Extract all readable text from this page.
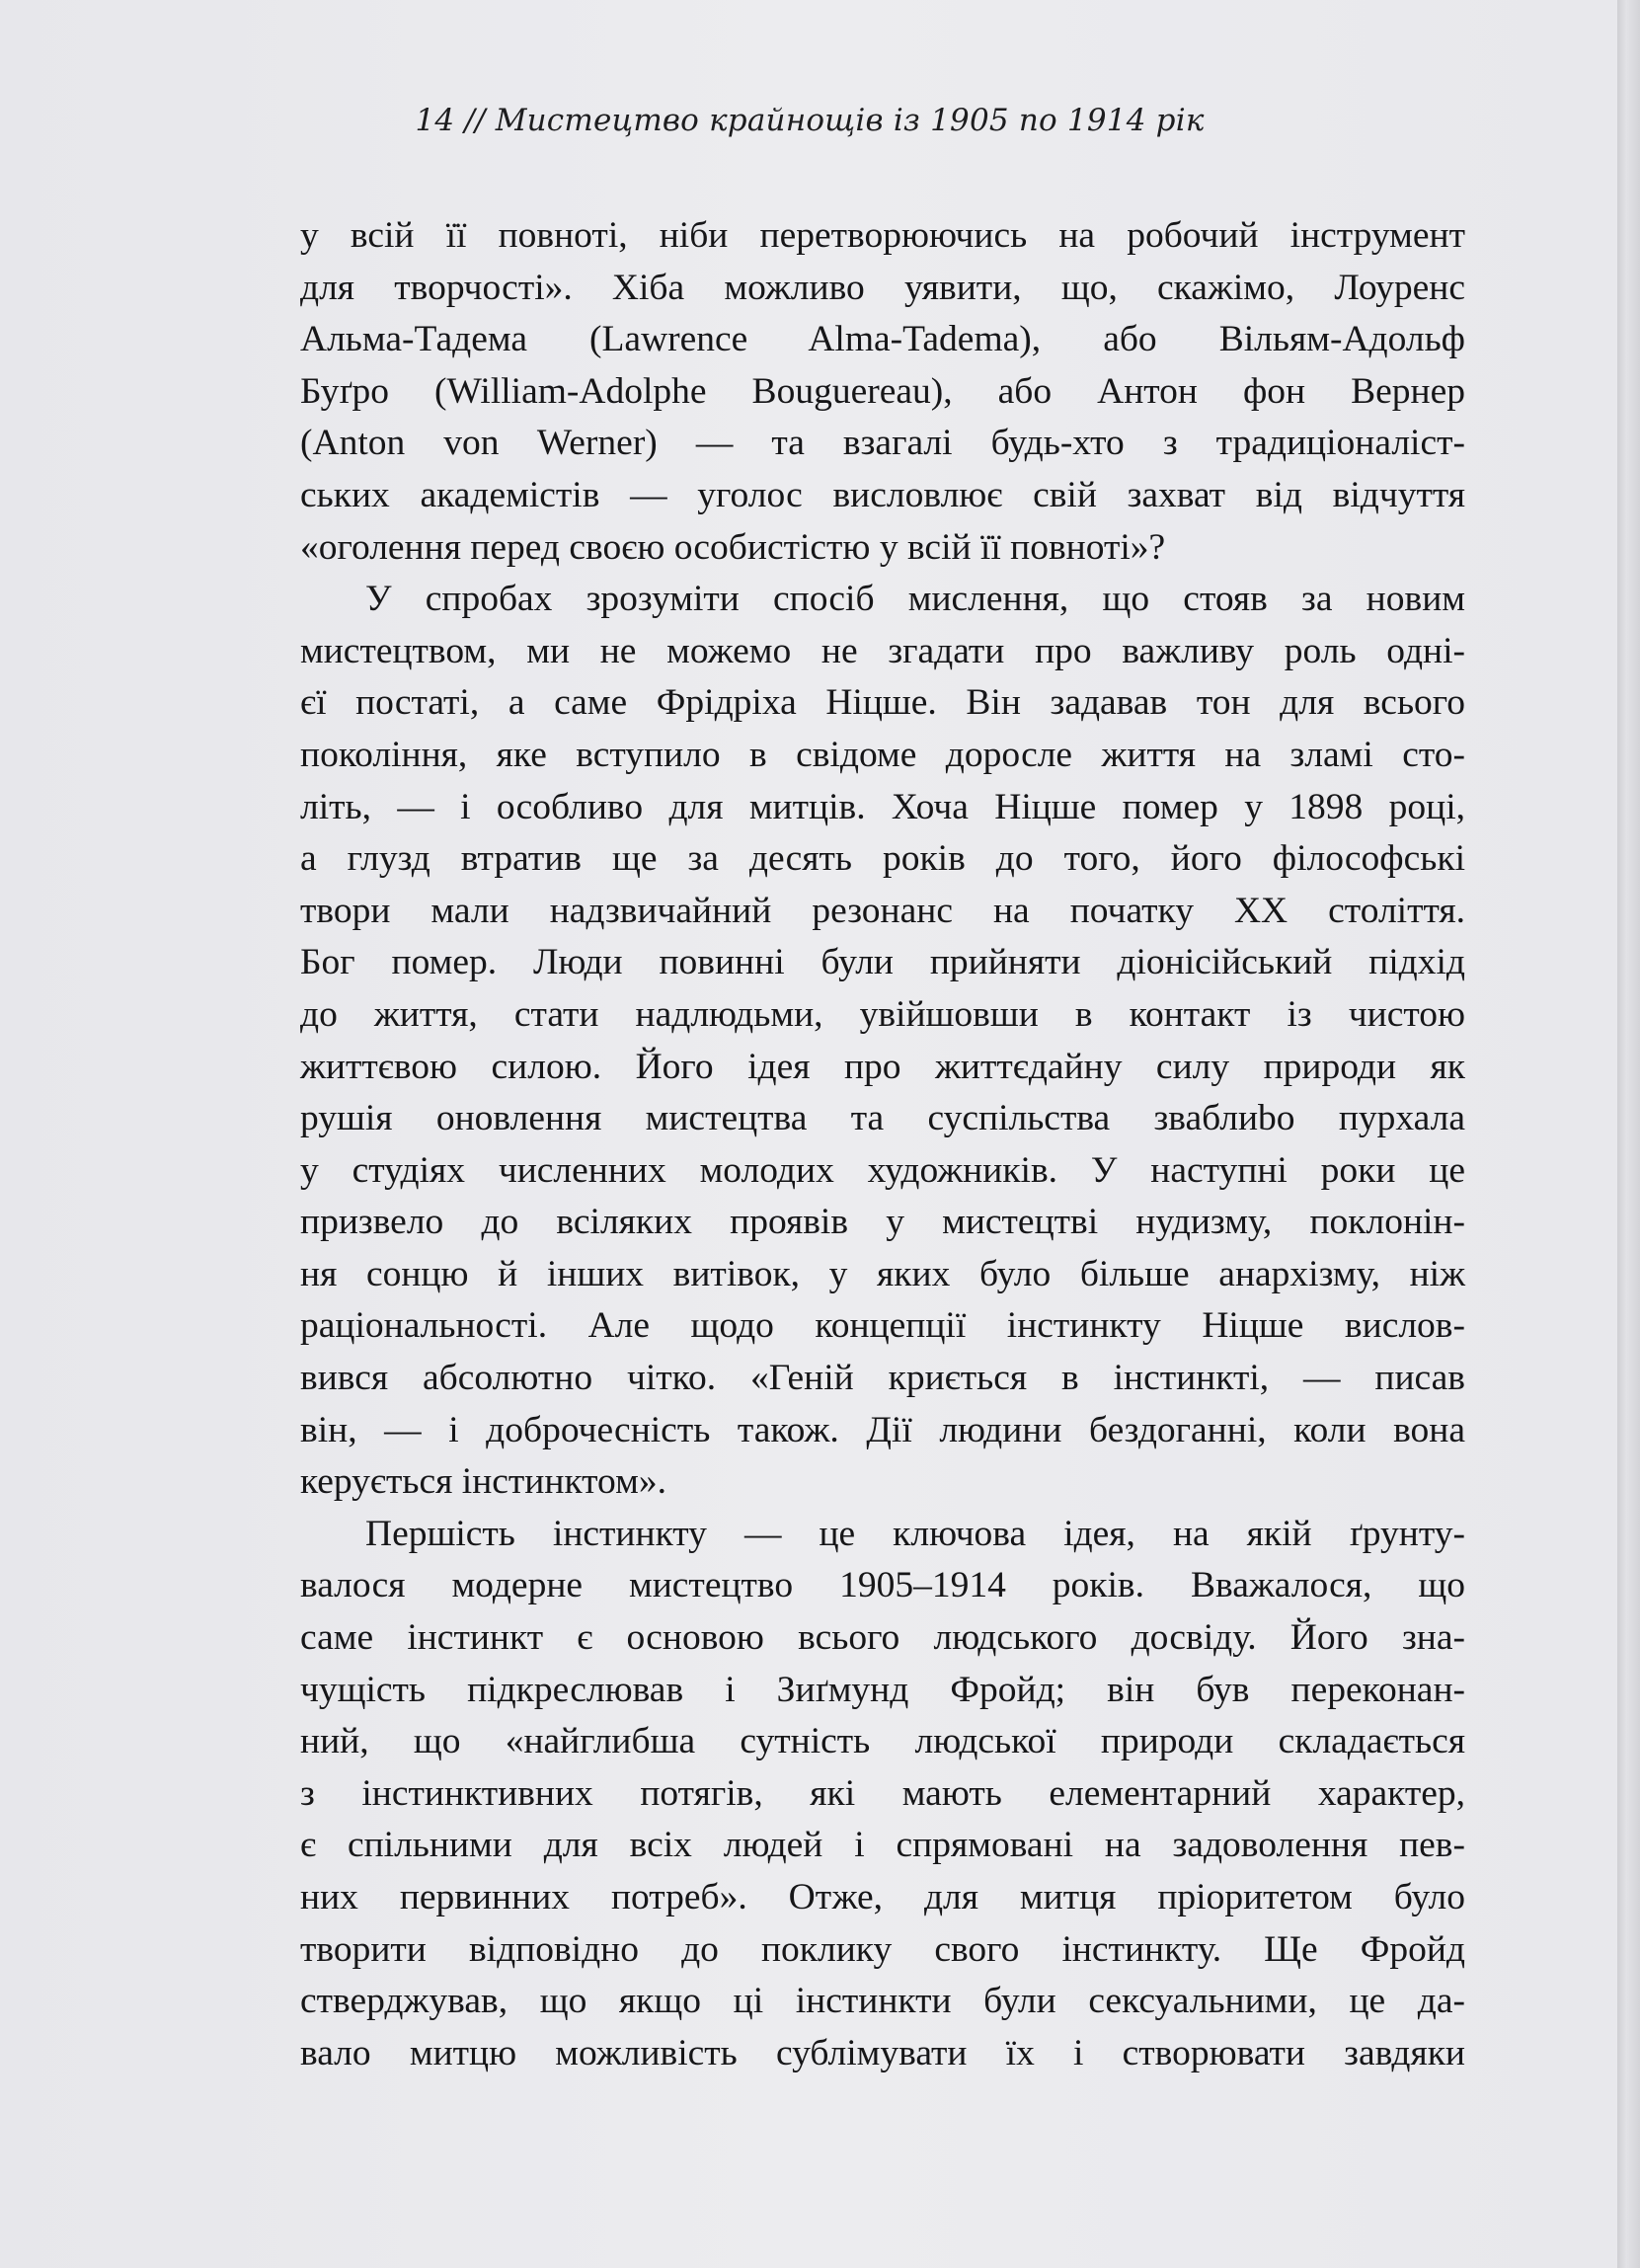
14 // Мистецтво крайнощів із 1905 по 1914 рік
у всій її повноті, ніби перетворюючись на робочий інструмент
для творчості». Хіба можливо уявити, що, скажімо, Лоуренс
Альма-Тадема (Lawrence Alma-Tadema), або Вільям-Адольф
Буґро (William-Adolphe Bouguereau), або Антон фон Вернер
(Anton von Werner) — та взагалі будь-хто з традиціоналіст-
ських академістів — уголос висловлює свій захват від відчуття
«оголення перед своєю особистістю у всій її повноті»?
У спробах зрозуміти спосіб мислення, що стояв за новим
мистецтвом, ми не можемо не згадати про важливу роль одні-
єї постаті, а саме Фрідріха Ніцше. Він задавав тон для всього
покоління, яке вступило в свідоме доросле життя на зламі сто-
літь, — і особливо для митців. Хоча Ніцше помер у 1898 році,
а глузд втратив ще за десять років до того, його філософські
твори мали надзвичайний резонанс на початку XX століття.
Бог помер. Люди повинні були прийняти діонісійський підхід
до життя, стати надлюдьми, увійшовши в контакт із чистою
життєвою силою. Його ідея про життєдайну силу природи як
рушія оновлення мистецтва та суспільства зваблиbо пурхала
у студіях численних молодих художників. У наступні роки це
призвело до всіляких проявів у мистецтві нудизму, поклонін-
ня сонцю й інших витівок, у яких було більше анархізму, ніж
раціональності. Але щодо концепції інстинкту Ніцше вислов-
вився абсолютно чітко. «Геній криється в інстинкті, — писав
він, — і доброчесність також. Дії людини бездоганні, коли вона
керується інстинктом».
Першість інстинкту — це ключова ідея, на якій ґрунту-
валося модерне мистецтво 1905–1914 років. Вважалося, що
саме інстинкт є основою всього людського досвіду. Його зна-
чущість підкреслював і Зиґмунд Фройд; він був переконан-
ний, що «найглибша сутність людської природи складається
з інстинктивних потягів, які мають елементарний характер,
є спільними для всіх людей і спрямовані на задоволення пев-
них первинних потреб». Отже, для митця пріоритетом було
творити відповідно до поклику свого інстинкту. Ще Фройд
стверджував, що якщо ці інстинкти були сексуальними, це да-
вало митцю можливість сублімувати їх і створювати завдяки
